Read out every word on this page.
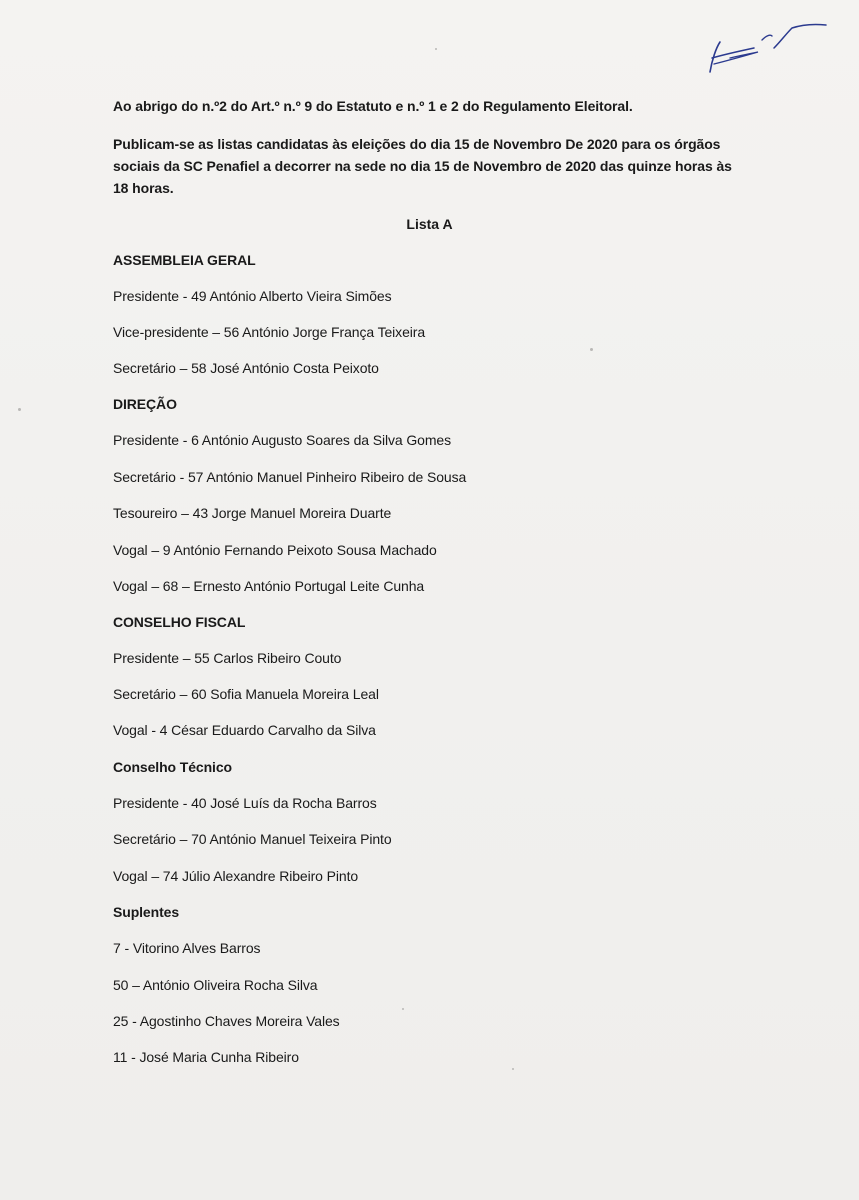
Ao abrigo do n.º2 do Art.º n.º 9 do Estatuto e n.º 1 e 2 do Regulamento Eleitoral.
Publicam-se as listas candidatas às eleições do dia 15 de Novembro De 2020 para os órgãos
sociais da SC Penafiel a decorrer na sede no dia 15 de Novembro de 2020 das quinze horas às
18 horas.
Lista A
ASSEMBLEIA GERAL
Presidente - 49 António Alberto Vieira Simões
Vice-presidente – 56 António Jorge França Teixeira
Secretário – 58 José António Costa Peixoto
DIREÇÃO
Presidente - 6 António Augusto Soares da Silva Gomes
Secretário - 57 António Manuel Pinheiro Ribeiro de Sousa
Tesoureiro – 43 Jorge Manuel Moreira Duarte
Vogal – 9 António Fernando Peixoto Sousa Machado
Vogal – 68 – Ernesto António Portugal Leite Cunha
CONSELHO FISCAL
Presidente – 55 Carlos Ribeiro Couto
Secretário – 60 Sofia Manuela Moreira Leal
Vogal - 4 César Eduardo Carvalho da Silva
Conselho Técnico
Presidente - 40 José Luís da Rocha Barros
Secretário – 70 António Manuel Teixeira Pinto
Vogal – 74 Júlio Alexandre Ribeiro Pinto
Suplentes
7 - Vitorino Alves Barros
50 – António Oliveira Rocha Silva
25 - Agostinho Chaves Moreira Vales
11 - José Maria Cunha Ribeiro
